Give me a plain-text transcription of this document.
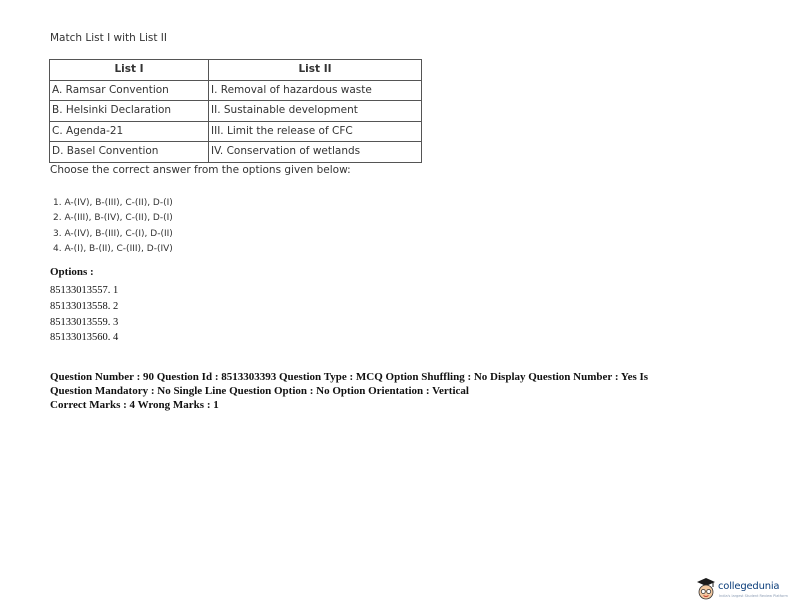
Match List I with List II
List I	List II
A. Ramsar Convention	I. Removal of hazardous waste
B. Helsinki Declaration	II. Sustainable development
C. Agenda-21	III. Limit the release of CFC
D. Basel Convention	IV. Conservation of wetlands
Choose the correct answer from the options given below:
1. A-(IV), B-(III), C-(II), D-(I)
2. A-(III), B-(IV), C-(II), D-(I)
3. A-(IV), B-(III), C-(I), D-(II)
4. A-(I), B-(II), C-(III), D-(IV)
Options :
85133013557. 1
85133013558. 2
85133013559. 3
85133013560. 4
Question Number : 90 Question Id : 8513303393 Question Type : MCQ Option Shuffling : No Display Question Number : Yes Is
Question Mandatory : No Single Line Question Option : No Option Orientation : Vertical
Correct Marks : 4 Wrong Marks : 1
collegedunia
India's largest Student Review Platform
